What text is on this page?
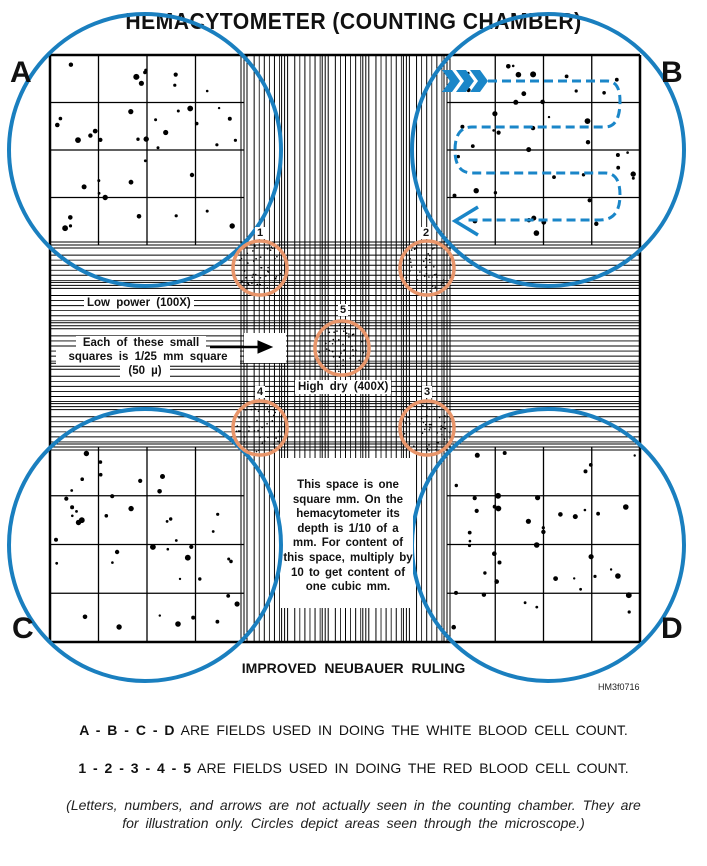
HEMACYTOMETER (COUNTING CHAMBER)
A	B
C	D
Low power (100X)
Each of these small
squares is 1/25 mm square
(50 µ)
High dry (400X)
1	2
3
4
5
This space is one square mm. On the hemacytometer its depth is 1/10 of a mm. For content of this space, multiply by 10 to get content of one cubic mm.
IMPROVED NEUBAUER RULING
HM3f0716
A - B - C - D ARE FIELDS USED IN DOING THE WHITE BLOOD CELL COUNT.
1 - 2 - 3 - 4 - 5 ARE FIELDS USED IN DOING THE RED BLOOD CELL COUNT.
(Letters, numbers, and arrows are not actually seen in the counting chamber. They are for illustration only. Circles depict areas seen through the microscope.)
